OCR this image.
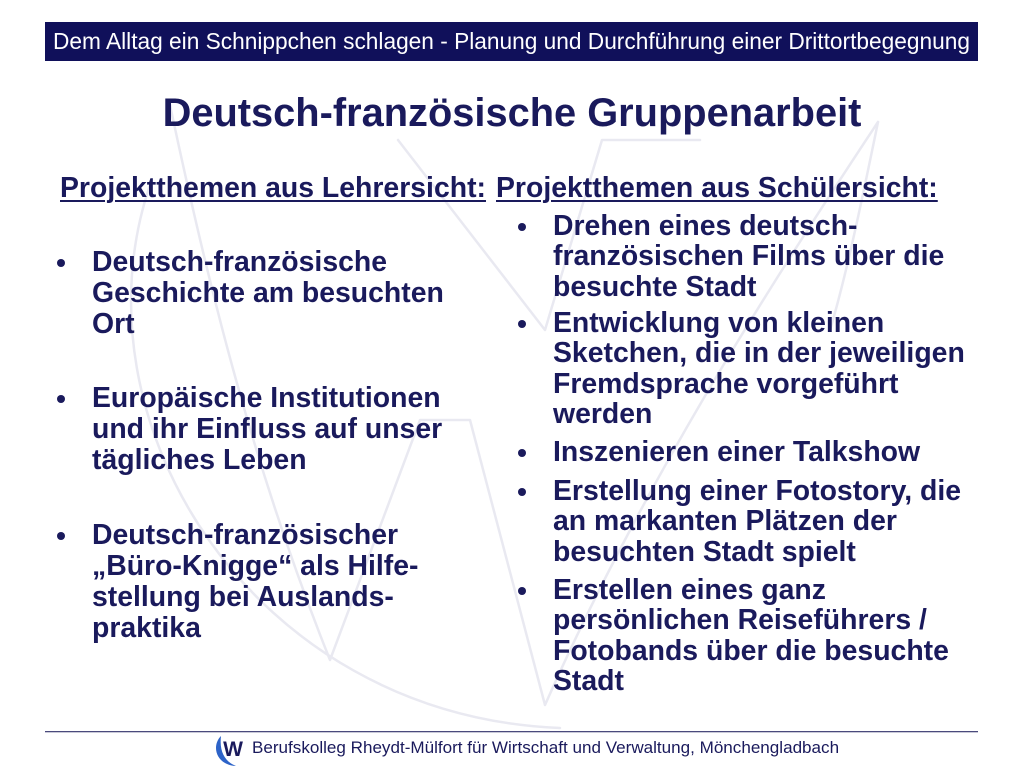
Dem Alltag ein Schnippchen schlagen - Planung und Durchführung einer Drittortbegegnung
Deutsch-französische Gruppenarbeit
Projektthemen aus Lehrersicht: Projektthemen aus Schülersicht:
Deutsch-französische
Geschichte am besuchten
Ort
Europäische Institutionen
und ihr Einfluss auf unser
tägliches Leben
Deutsch-französischer
„Büro-Knigge“ als Hilfe-
stellung bei Auslands-
praktika
Drehen eines deutsch-
französischen Films über die
besuchte Stadt
Entwicklung von kleinen
Sketchen, die in der jeweiligen
Fremdsprache vorgeführt
werden
Inszenieren einer Talkshow
Erstellung einer Fotostory, die
an markanten Plätzen der
besuchten Stadt spielt
Erstellen eines ganz
persönlichen Reiseführers /
Fotobands über die besuchte
Stadt
W Berufskolleg Rheydt-Mülfort für Wirtschaft und Verwaltung, Mönchengladbach
